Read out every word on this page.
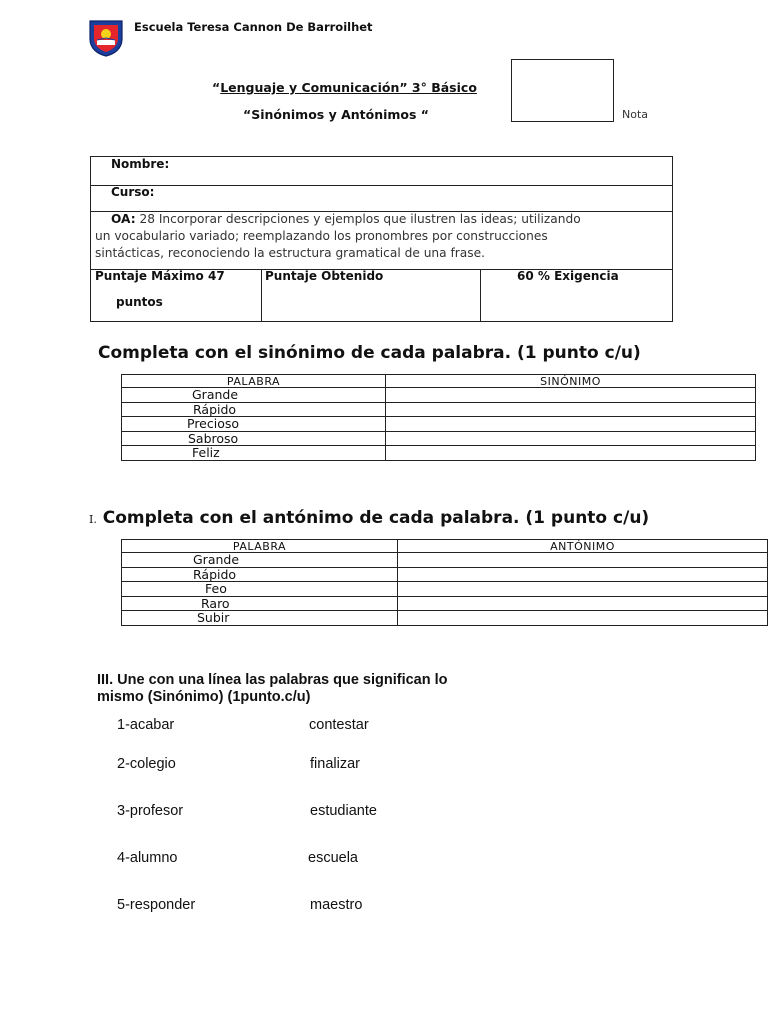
Escuela Teresa Cannon De Barroilhet
“Lenguaje y Comunicación” 3° Básico
“Sinónimos y Antónimos “	Nota
Nombre:
Curso:
OA: 28 Incorporar descripciones y ejemplos que ilustren las ideas; utilizando
un vocabulario variado; reemplazando los pronombres por construcciones
sintácticas, reconociendo la estructura gramatical de una frase.
Puntaje Máximo 47
puntos
Puntaje Obtenido	60 % Exigencia
Completa con el sinónimo de cada palabra. (1 punto c/u)
PALABRA	SINÓNIMO
Grande	
Rápido	
Precioso	
Sabroso	
Feliz	
I. Completa con el antónimo de cada palabra. (1 punto c/u)
PALABRA	ANTÓNIMO
Grande	
Rápido	
Feo	
Raro	
Subir	
III. Une con una línea las palabras que significan lo
mismo (Sinónimo) (1punto.c/u)
1-acabar	contestar
2-colegio	finalizar
3-profesor	estudiante
4-alumno	escuela
5-responder	maestro
